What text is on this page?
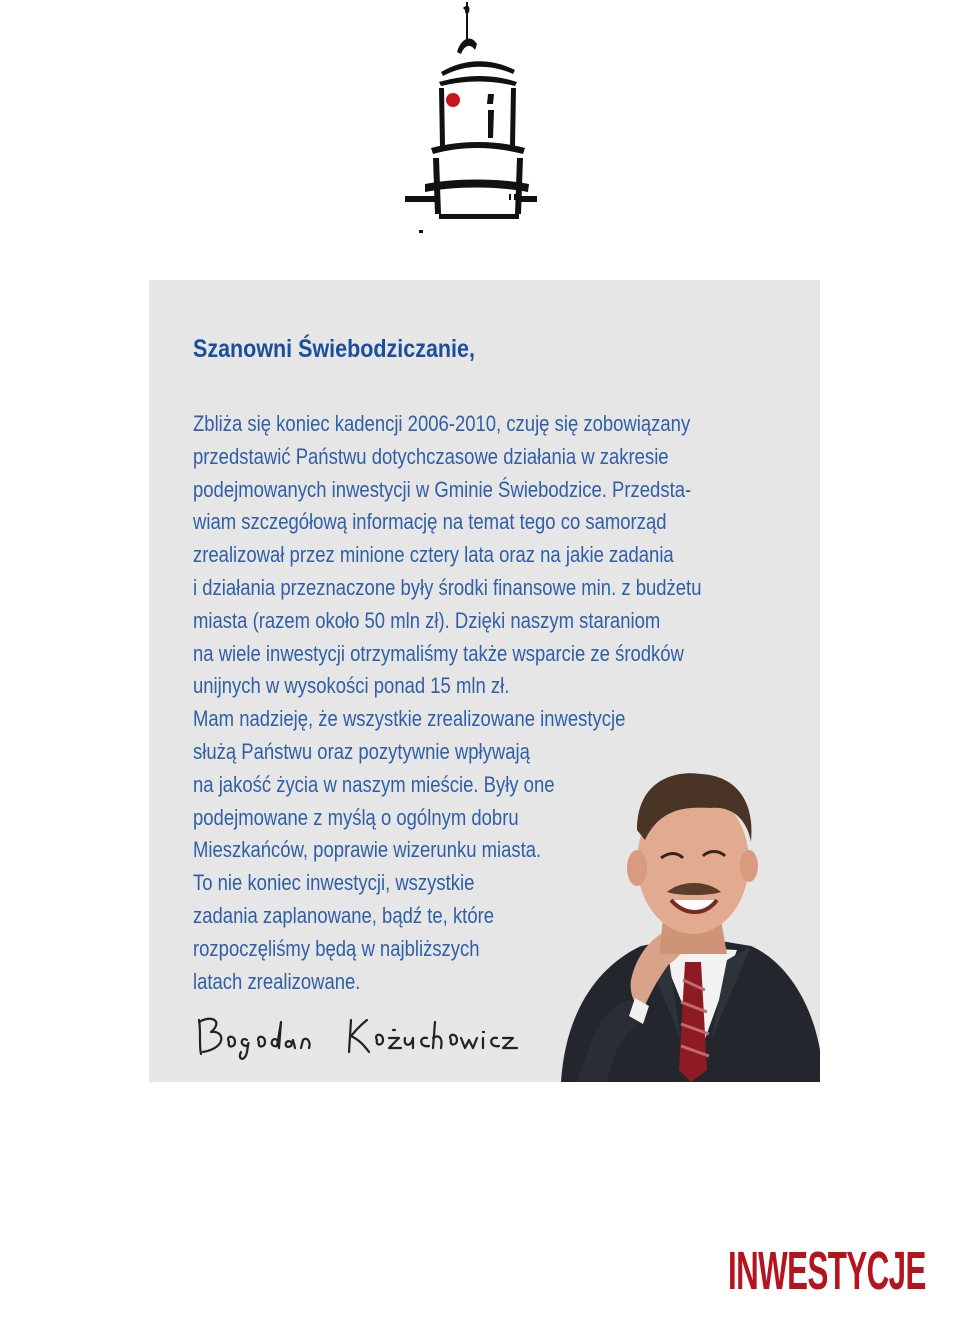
Szanowni Świebodziczanie,
Zbliża się koniec kadencji 2006-2010, czuję się zobowiązany
przedstawić Państwu dotychczasowe działania w zakresie
podejmowanych inwestycji w Gminie Świebodzice. Przedsta-
wiam szczegółową informację na temat tego co samorząd
zrealizował przez minione cztery lata oraz na jakie zadania
i działania przeznaczone były środki finansowe min. z budżetu
miasta (razem około 50 mln zł). Dzięki naszym staraniom
na wiele inwestycji otrzymaliśmy także wsparcie ze środków
unijnych w wysokości ponad 15 mln zł.
Mam nadzieję, że wszystkie zrealizowane inwestycje
służą Państwu oraz pozytywnie wpływają
na jakość życia w naszym mieście. Były one
podejmowane z myślą o ogólnym dobru
Mieszkańców, poprawie wizerunku miasta.
To nie koniec inwestycji, wszystkie
zadania zaplanowane, bądź te, które
rozpoczęliśmy będą w najbliższych
latach zrealizowane.
INWESTYCJE
